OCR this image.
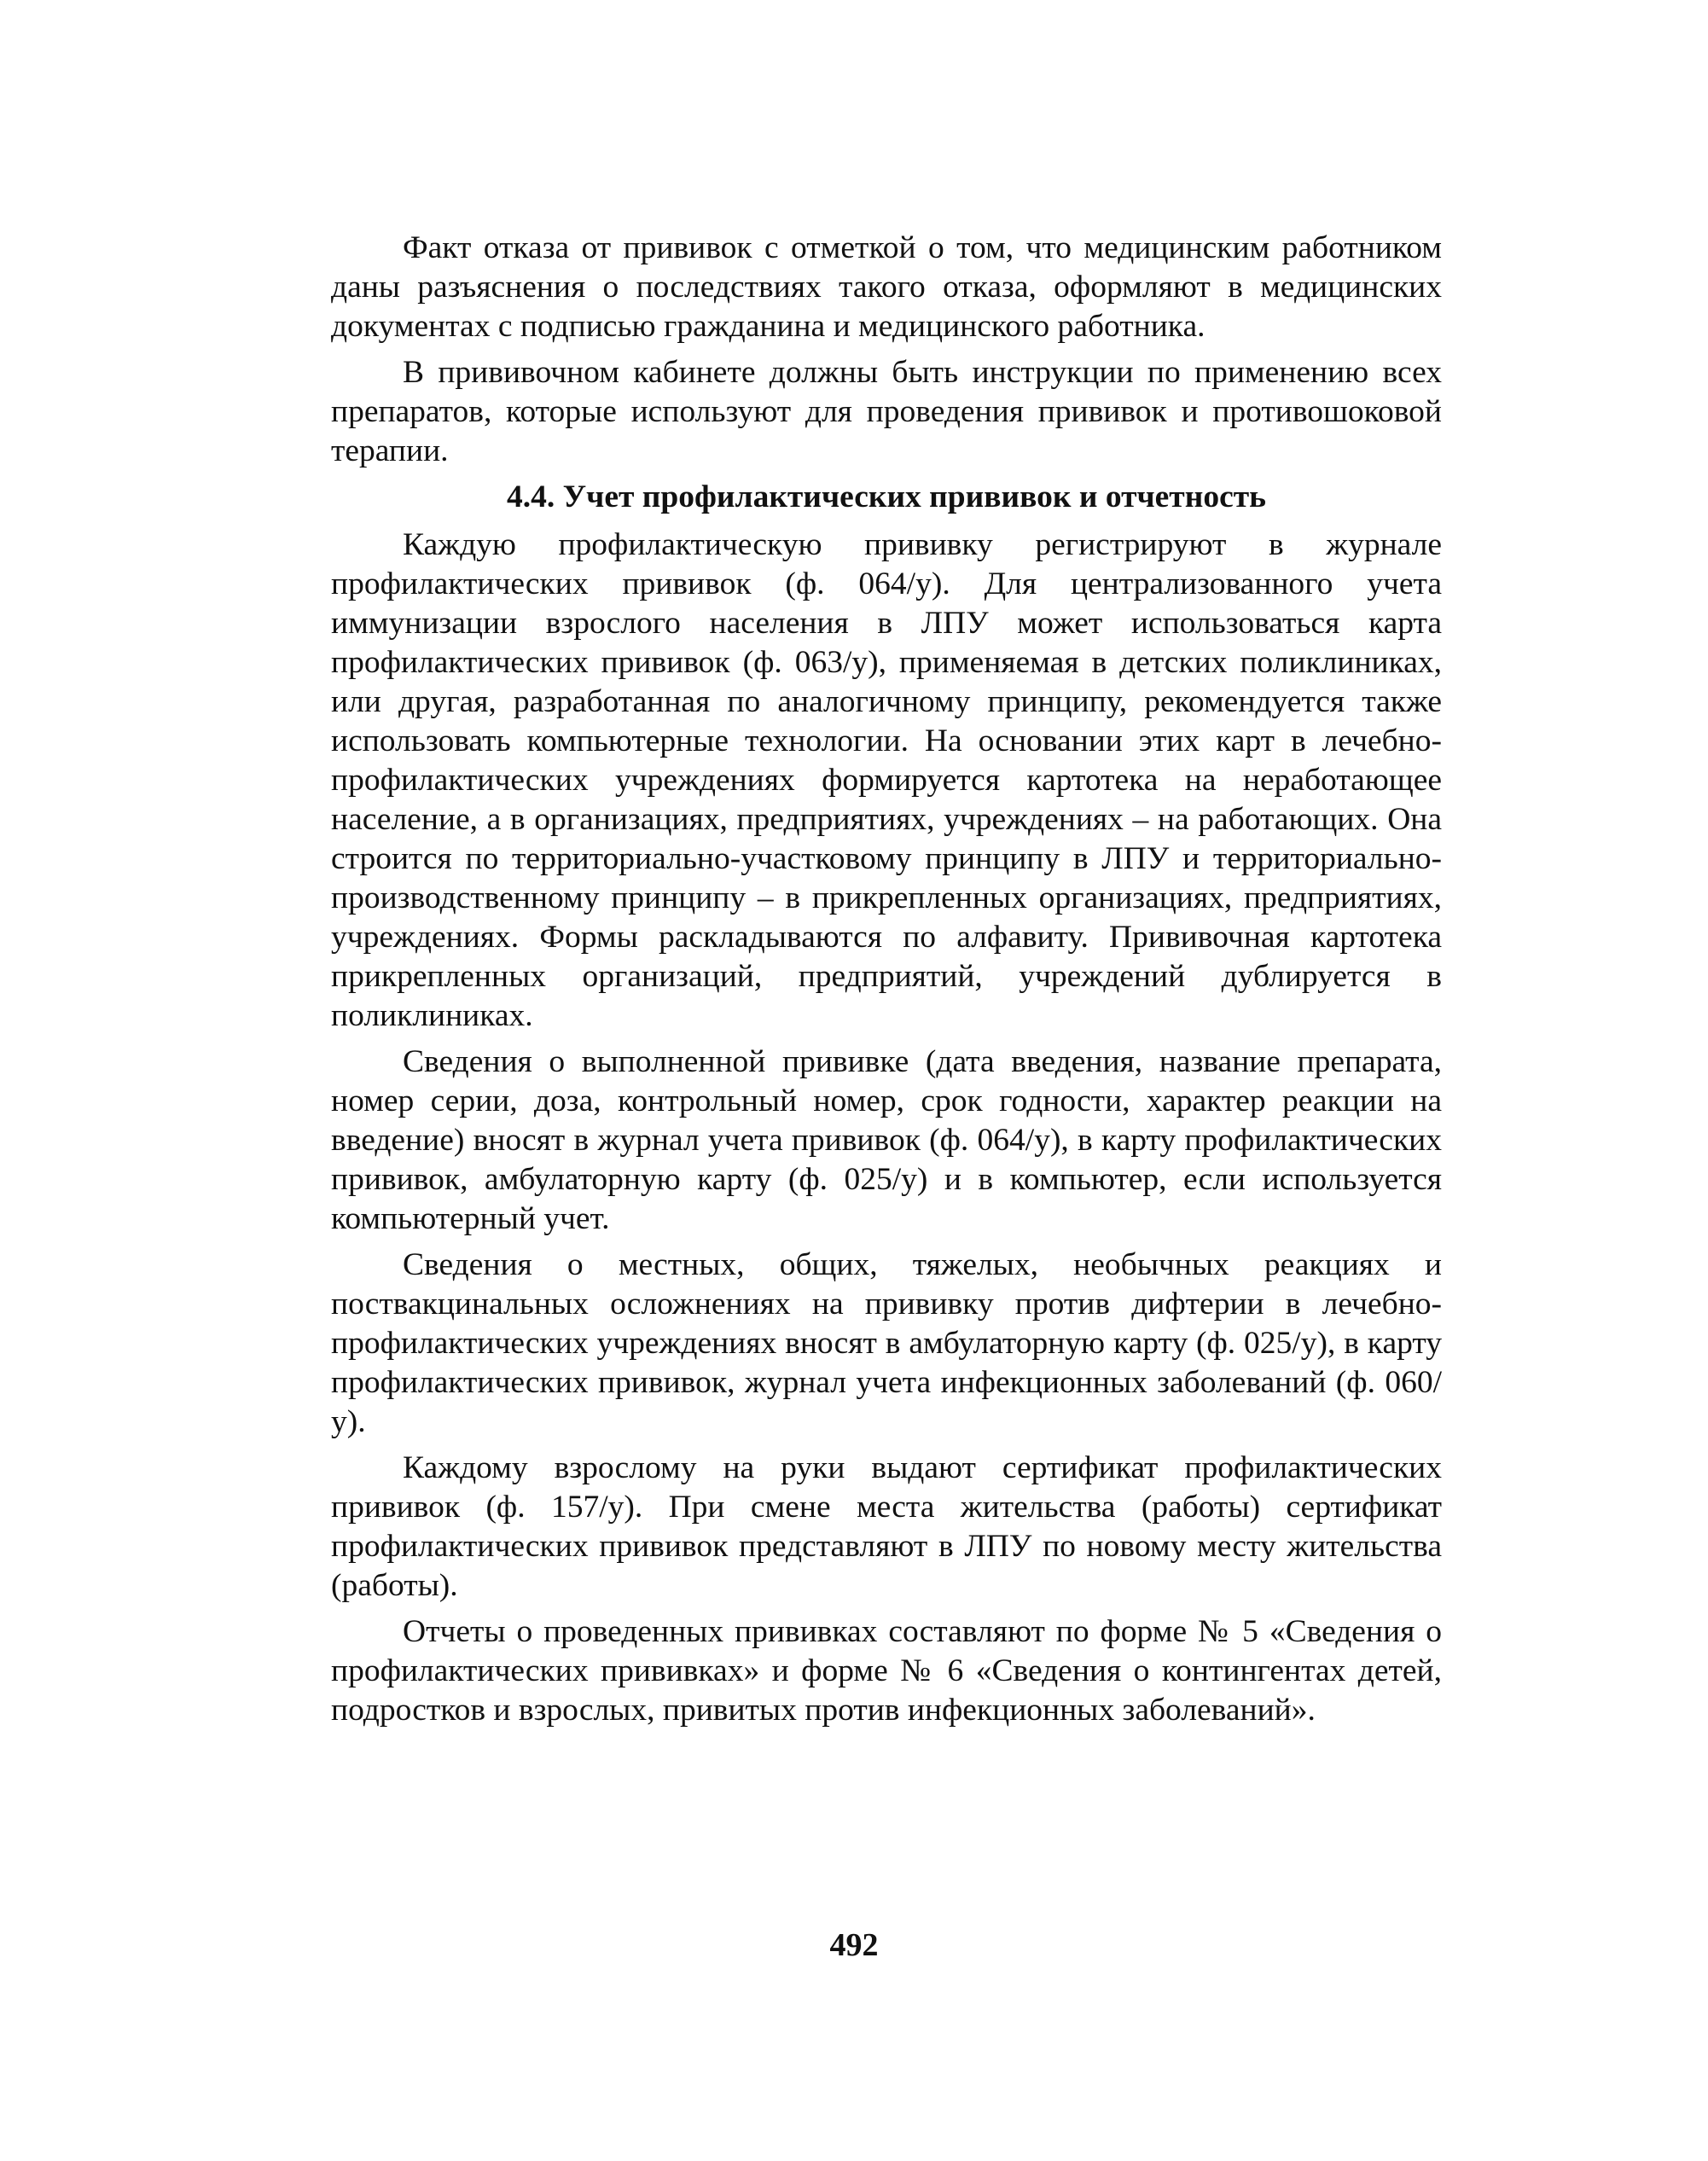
Факт отказа от прививок с отметкой о том, что медицинским работником даны разъяснения о последствиях такого отказа, оформляют в медицинских документах с подписью гражданина и медицинского работника.

В прививочном кабинете должны быть инструкции по применению всех препаратов, которые используют для проведения прививок и противошоковой терапии.

4.4. Учет профилактических прививок и отчетность

Каждую профилактическую прививку регистрируют в журнале профилактических прививок (ф. 064/у). Для централизованного учета иммунизации взрослого населения в ЛПУ может использоваться карта профилактических прививок (ф. 063/у), применяемая в детских поликлиниках, или другая, разработанная по аналогичному принципу, рекомендуется также использовать компьютерные технологии. На основании этих карт в лечебно-профилактических учреждениях формируется картотека на неработающее население, а в организациях, предприятиях, учреждениях – на работающих. Она строится по территориально-участковому принципу в ЛПУ и территориально-производственному принципу – в прикрепленных организациях, предприятиях, учреждениях. Формы раскладываются по алфавиту. Прививочная картотека прикрепленных организаций, предприятий, учреждений дублируется в поликлиниках.

Сведения о выполненной прививке (дата введения, название препарата, номер серии, доза, контрольный номер, срок годности, характер реакции на введение) вносят в журнал учета прививок (ф. 064/у), в карту профилактических прививок, амбулаторную карту (ф. 025/у) и в компьютер, если используется компьютерный учет.

Сведения о местных, общих, тяжелых, необычных реакциях и поствакцинальных осложнениях на прививку против дифтерии в лечебно-профилактических учреждениях вносят в амбулаторную карту (ф. 025/у), в карту профилактических прививок, журнал учета инфекционных заболеваний (ф. 060/у).

Каждому взрослому на руки выдают сертификат профилактических прививок (ф. 157/у). При смене места жительства (работы) сертификат профилактических прививок представляют в ЛПУ по новому месту жительства (работы).

Отчеты о проведенных прививках составляют по форме № 5 «Сведения о профилактических прививках» и форме № 6 «Сведения о контингентах детей, подростков и взрослых, привитых против инфекционных заболеваний».

492
